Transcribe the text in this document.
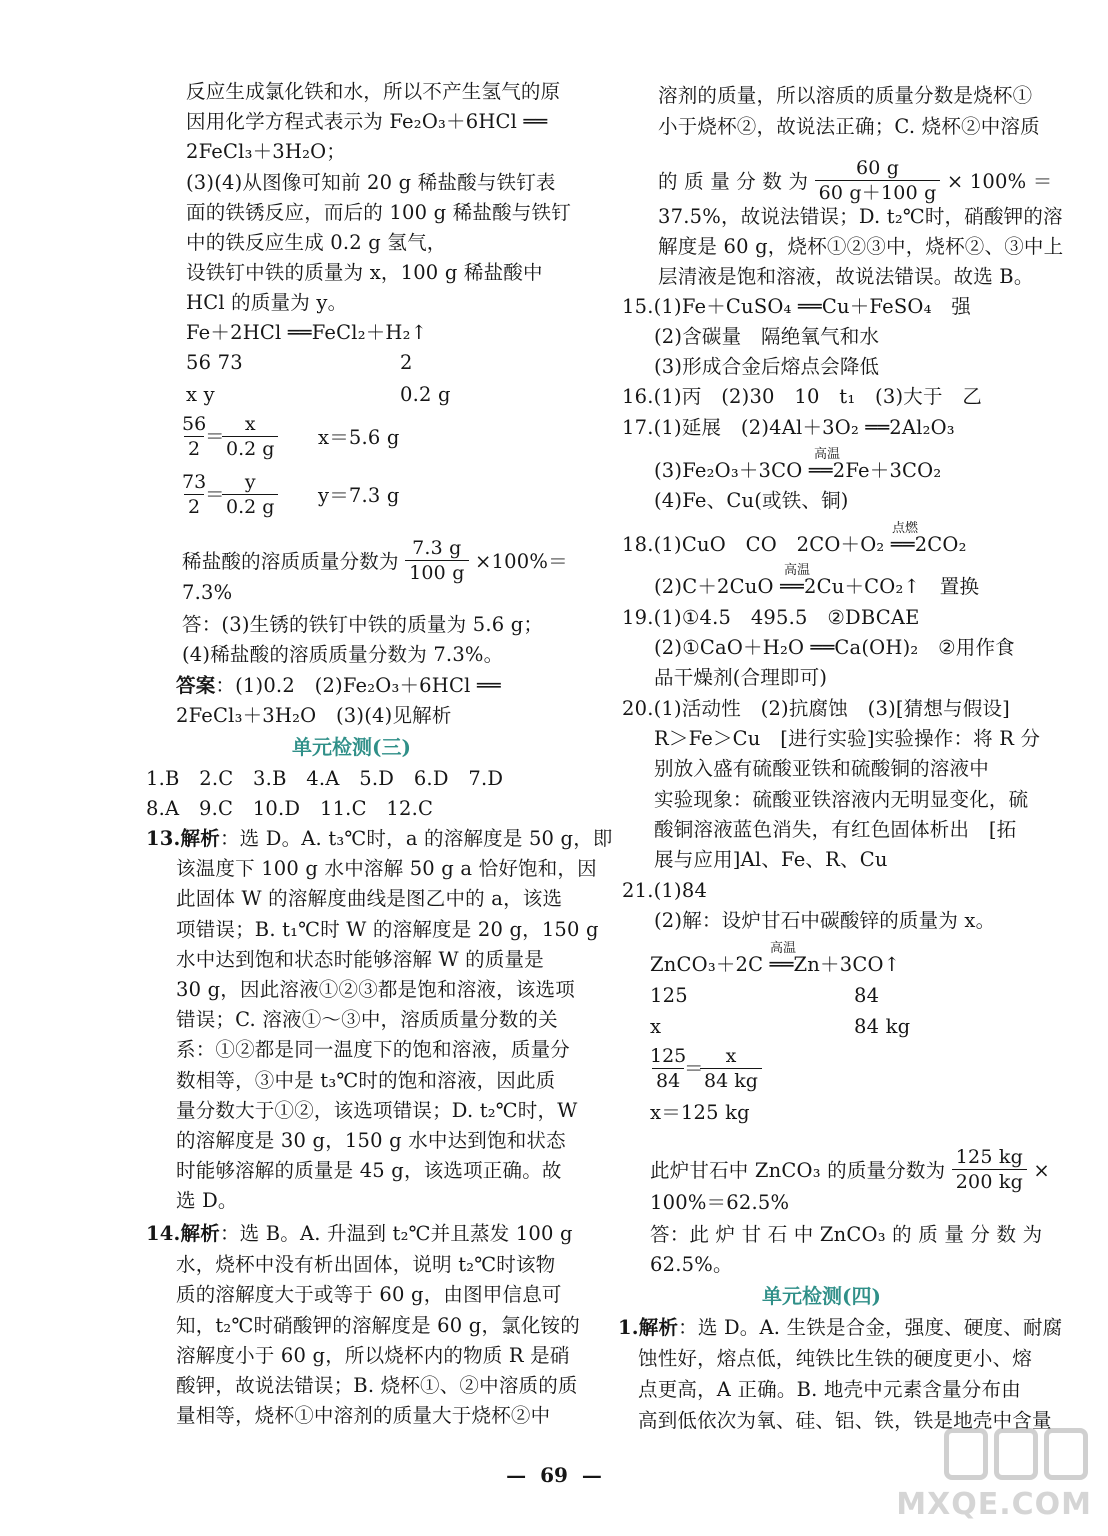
反应生成氯化铁和水，所以不产生氢气的原
因用化学方程式表示为 Fe₂O₃＋6HCl ══
2FeCl₃＋3H₂O；
(3)(4)从图像可知前 20 g 稀盐酸与铁钉表
面的铁锈反应，而后的 100 g 稀盐酸与铁钉
中的铁反应生成 0.2 g 氢气，
设铁钉中铁的质量为 x，100 g 稀盐酸中
HCl 的质量为 y。
Fe＋2HCl ══FeCl₂＋H₂↑
56 73	2
x y	0.2 g
$\frac{56}{2}$
＝
$\frac{x}{0.2 g} x=5.6$ g
$\frac{73}{2}$
＝
$\frac{y}{0.2 g} y=7.3$ g
稀盐酸的溶质质量分数为 $\frac{7.3 g}{100 g} \times 100\%=$
7.3%
答：(3)生锈的铁钉中铁的质量为 5.6 g；
(4)稀盐酸的溶质质量分数为 7.3%。
答案：(1)0.2　(2)Fe₂O₃＋6HCl ══
2FeCl₃＋3H₂O　(3)(4)见解析
单元检测(三)
1.B　2.C　3.B　4.A　5.D　6.D　7.D
8.A　9.C　10.D　11.C　12.C
13.解析：选 D。A. t₃℃时，a 的溶解度是 50 g，即
该温度下 100 g 水中溶解 50 g a 恰好饱和，因
此固体 W 的溶解度曲线是图乙中的 a，该选
项错误；B. t₁℃时 W 的溶解度是 20 g，150 g
水中达到饱和状态时能够溶解 W 的质量是
30 g，因此溶液①②③都是饱和溶液，该选项
错误；C. 溶液①～③中，溶质质量分数的关
系：①②都是同一温度下的饱和溶液，质量分
数相等，③中是 t₃℃时的饱和溶液，因此质
量分数大于①②，该选项错误；D. t₂℃时，W
的溶解度是 30 g，150 g 水中达到饱和状态
时能够溶解的质量是 45 g，该选项正确。故
选 D。
14.解析：选 B。A. 升温到 t₂℃并且蒸发 100 g
水，烧杯中没有析出固体，说明 t₂℃时该物
质的溶解度大于或等于 60 g，由图甲信息可
知，t₂℃时硝酸钾的溶解度是 60 g，氯化铵的
溶解度小于 60 g，所以烧杯内的物质 R 是硝
酸钾，故说法错误；B. 烧杯①、②中溶质的质
量相等，烧杯①中溶剂的质量大于烧杯②中
溶剂的质量，所以溶质的质量分数是烧杯①
小于烧杯②，故说法正确；C. 烧杯②中溶质
的 质 量 分 数 为 $\frac{60 g}{60 g+100 g} \times 100\%$ ＝
37.5%，故说法错误；D. t₂℃时，硝酸钾的溶
解度是 60 g，烧杯①②③中，烧杯②、③中上
层清液是饱和溶液，故说法错误。故选 B。
15.(1)Fe＋CuSO₄ ══Cu＋FeSO₄　强
(2)含碳量　隔绝氧气和水
(3)形成合金后熔点会降低
16.(1)丙　(2)30　10　t₁　(3)大于　乙
17.(1)延展　(2)4Al＋3O₂ ══2Al₂O₃
高温
(3)Fe₂O₃＋3CO ══2Fe＋3CO₂
(4)Fe、Cu(或铁、铜)
点燃
18.(1)CuO　CO　2CO＋O₂ ══2CO₂
高温
(2)C＋2CuO ══2Cu＋CO₂↑　置换
19.(1)①4.5　495.5　②DBCAE
(2)①CaO＋H₂O ══Ca(OH)₂　②用作食
品干燥剂(合理即可)
20.(1)活动性　(2)抗腐蚀　(3)[猜想与假设]
R＞Fe＞Cu　[进行实验]实验操作：将 R 分
别放入盛有硫酸亚铁和硫酸铜的溶液中
实验现象：硫酸亚铁溶液内无明显变化，硫
酸铜溶液蓝色消失，有红色固体析出　[拓
展与应用]Al、Fe、R、Cu
21.(1)84
(2)解：设炉甘石中碳酸锌的质量为 x。
高温
ZnCO₃＋2C ══Zn＋3CO↑
125	84
x	84 kg
$\frac{125}{84}$
＝
$\frac{x}{84 kg}$
x＝125 kg
此炉甘石中 ZnCO₃ 的质量分数为 $\frac{125 kg}{200 kg}$ ×
100%＝62.5%
答：此 炉 甘 石 中 ZnCO₃ 的 质 量 分 数 为
62.5%。
单元检测(四)
1.解析：选 D。A. 生铁是合金，强度、硬度、耐腐
蚀性好，熔点低，纯铁比生铁的硬度更小、熔
点更高，A 正确。B. 地壳中元素含量分布由
高到低依次为氧、硅、铝、铁，铁是地壳中含量
—  69  —
MXQE.COM
